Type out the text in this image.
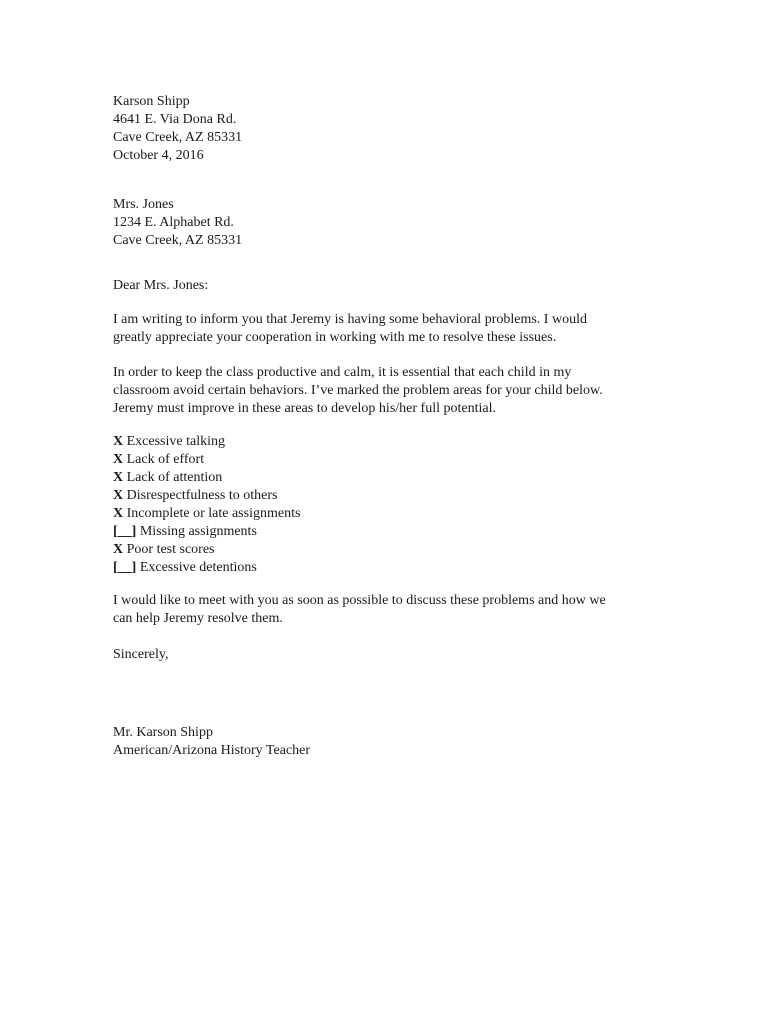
Karson Shipp
4641 E. Via Dona Rd.
Cave Creek, AZ 85331
October 4, 2016
Mrs. Jones
1234 E. Alphabet Rd.
Cave Creek, AZ 85331
Dear Mrs. Jones:
I am writing to inform you that Jeremy is having some behavioral problems. I would
greatly appreciate your cooperation in working with me to resolve these issues.
In order to keep the class productive and calm, it is essential that each child in my
classroom avoid certain behaviors. I’ve marked the problem areas for your child below.
Jeremy must improve in these areas to develop his/her full potential.
X Excessive talking
X Lack of effort
X Lack of attention
X Disrespectfulness to others
X Incomplete or late assignments
[__] Missing assignments
X Poor test scores
[__] Excessive detentions
I would like to meet with you as soon as possible to discuss these problems and how we
can help Jeremy resolve them.
Sincerely,
Mr. Karson Shipp
American/Arizona History Teacher
